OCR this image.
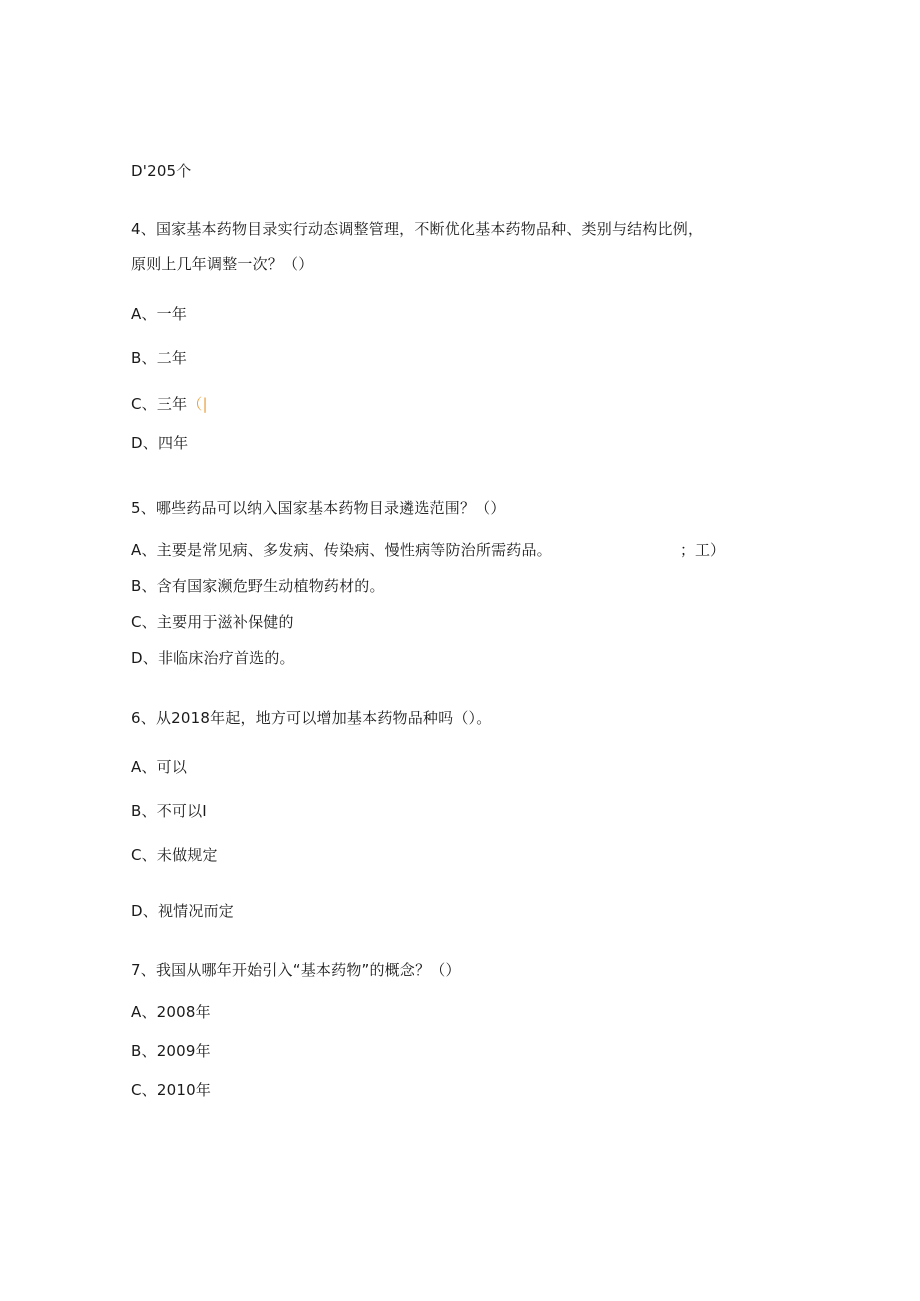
D'205个
4、国家基本药物目录实行动态调整管理，不断优化基本药物品种、类别与结构比例，
原则上几年调整一次？（）
A、一年
B、二年
C、三年（|
D、四年
5、哪些药品可以纳入国家基本药物目录遴选范围？（）
A、主要是常见病、多发病、传染病、慢性病等防治所需药品。	；工）
B、含有国家濒危野生动植物药材的。
C、主要用于滋补保健的
D、非临床治疗首选的。
6、从2018年起，地方可以增加基本药物品种吗（）。
A、可以
B、不可以I
C、未做规定
D、视情况而定
7、我国从哪年开始引入“基本药物”的概念？（）
A、2008年
B、2009年
C、2010年
